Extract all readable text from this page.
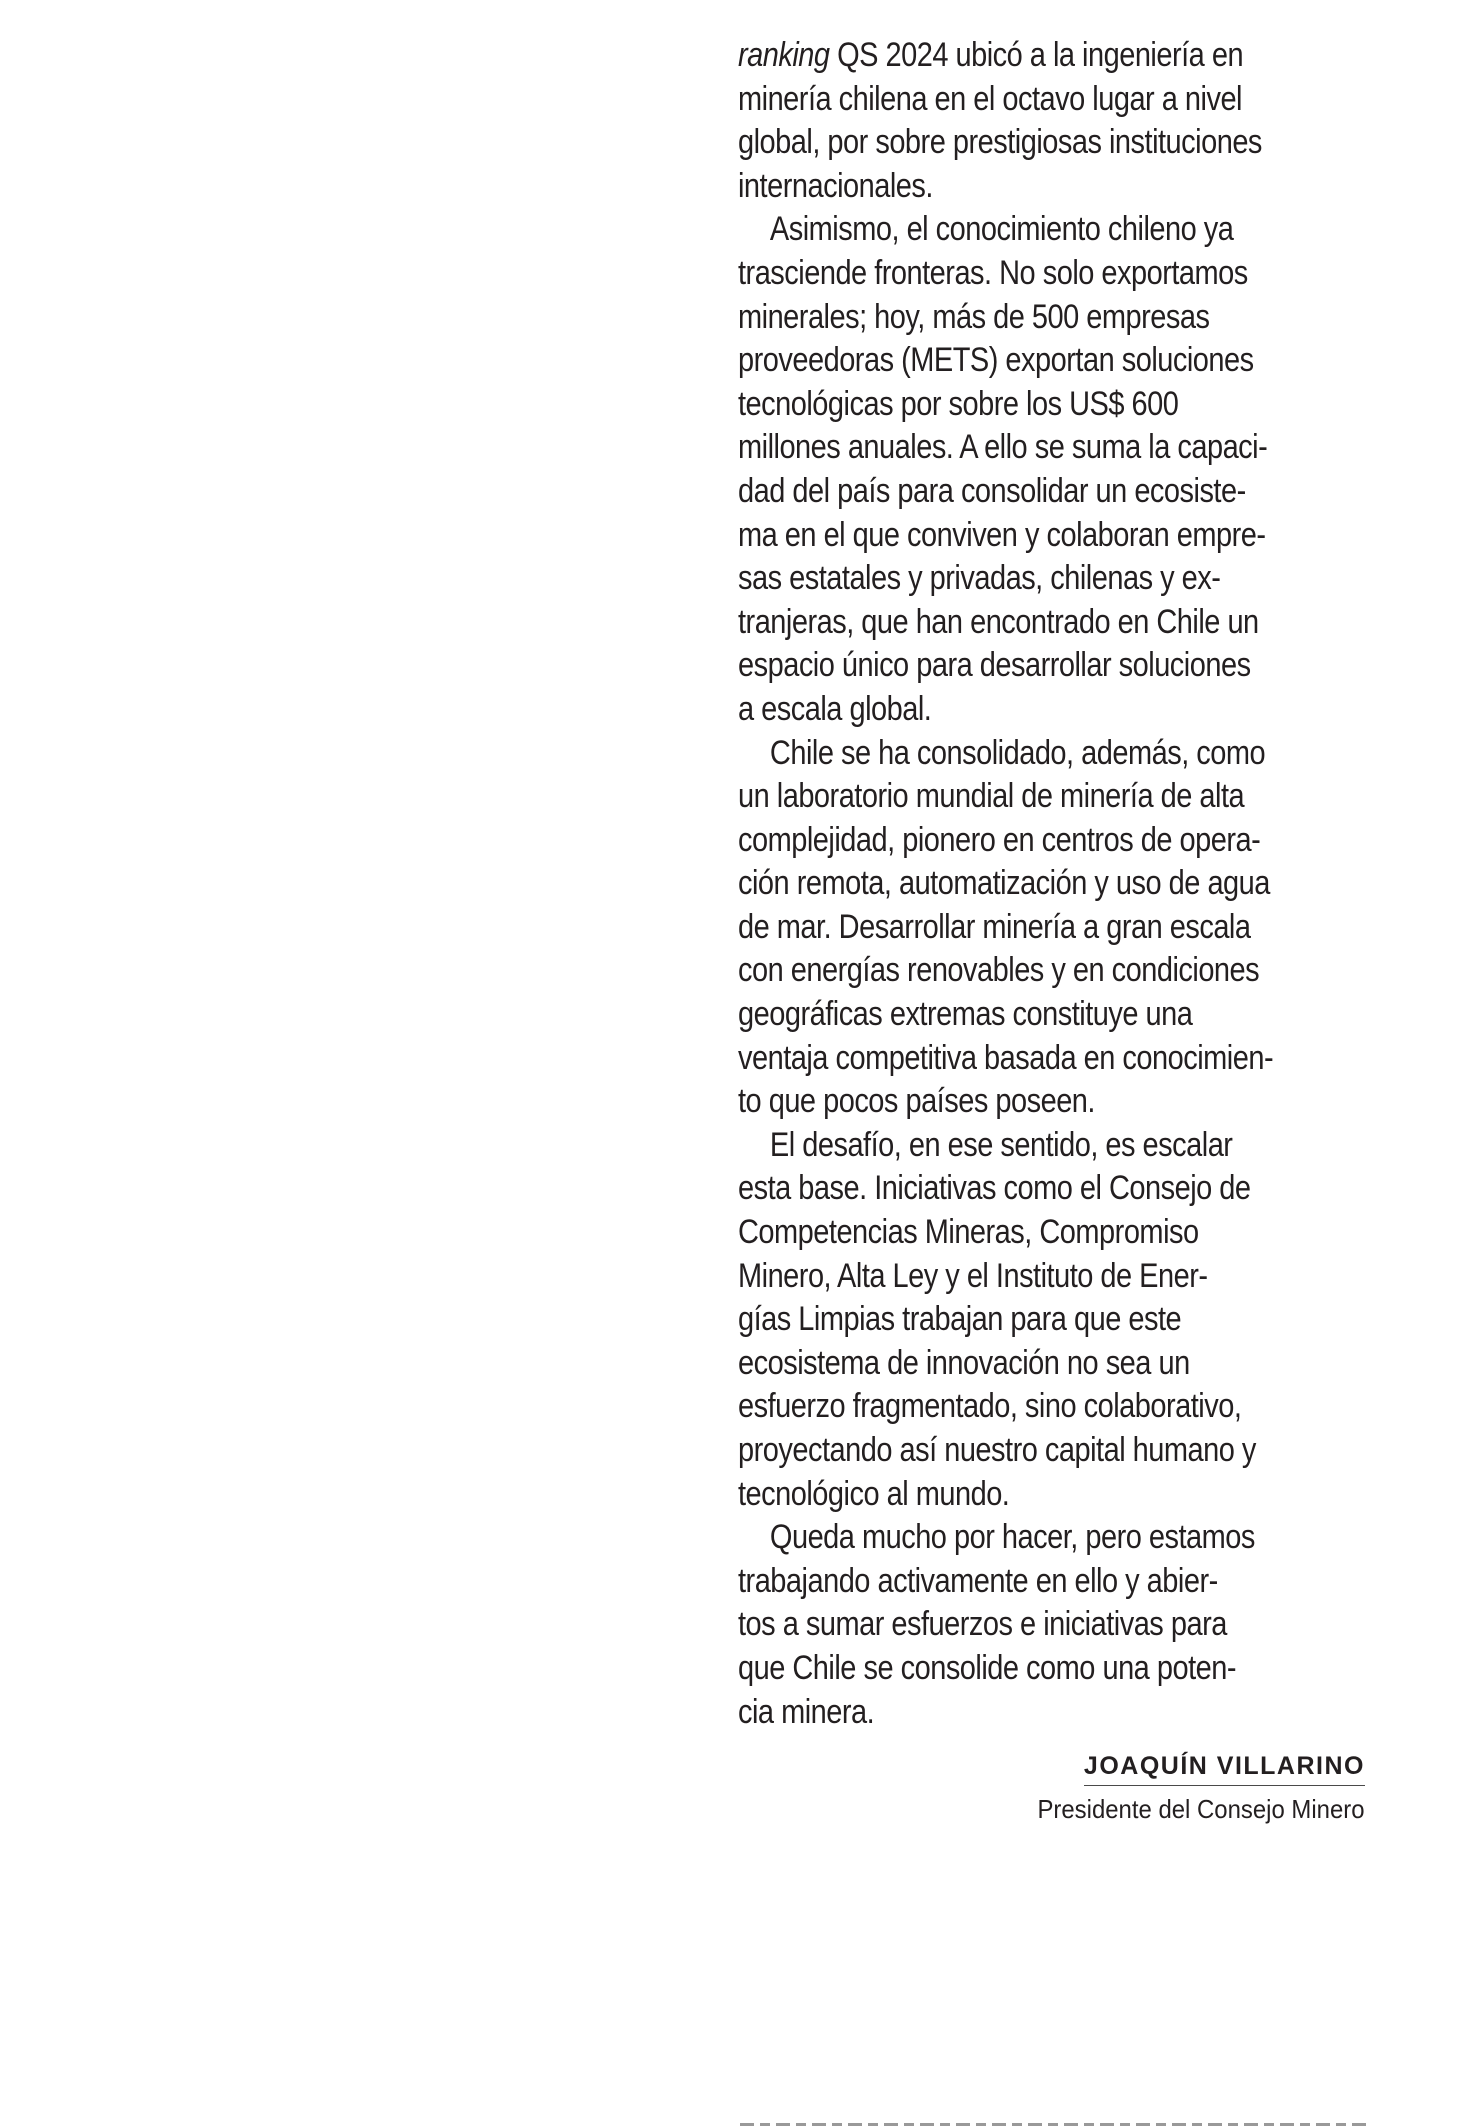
ranking QS 2024 ubicó a la ingeniería en
minería chilena en el octavo lugar a nivel
global, por sobre prestigiosas instituciones
internacionales.
Asimismo, el conocimiento chileno ya
trasciende fronteras. No solo exportamos
minerales; hoy, más de 500 empresas
proveedoras (METS) exportan soluciones
tecnológicas por sobre los US$ 600
millones anuales. A ello se suma la capaci-
dad del país para consolidar un ecosiste-
ma en el que conviven y colaboran empre-
sas estatales y privadas, chilenas y ex-
tranjeras, que han encontrado en Chile un
espacio único para desarrollar soluciones
a escala global.
Chile se ha consolidado, además, como
un laboratorio mundial de minería de alta
complejidad, pionero en centros de opera-
ción remota, automatización y uso de agua
de mar. Desarrollar minería a gran escala
con energías renovables y en condiciones
geográficas extremas constituye una
ventaja competitiva basada en conocimien-
to que pocos países poseen.
El desafío, en ese sentido, es escalar
esta base. Iniciativas como el Consejo de
Competencias Mineras, Compromiso
Minero, Alta Ley y el Instituto de Ener-
gías Limpias trabajan para que este
ecosistema de innovación no sea un
esfuerzo fragmentado, sino colaborativo,
proyectando así nuestro capital humano y
tecnológico al mundo.
Queda mucho por hacer, pero estamos
trabajando activamente en ello y abier-
tos a sumar esfuerzos e iniciativas para
que Chile se consolide como una poten-
cia minera.
JOAQUÍN VILLARINO
Presidente del Consejo Minero
